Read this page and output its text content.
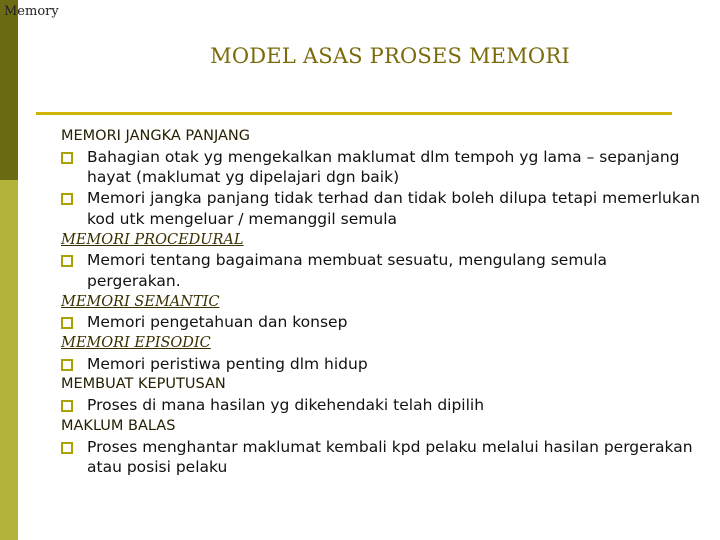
Memory
MODEL ASAS PROSES MEMORI
MEMORI JANGKA PANJANG
Bahagian otak yg mengekalkan maklumat dlm tempoh yg lama – sepanjang hayat (maklumat yg dipelajari dgn baik)
Memori jangka panjang tidak terhad dan tidak boleh dilupa tetapi memerlukan kod utk mengeluar / memanggil semula
MEMORI PROCEDURAL
Memori tentang bagaimana membuat sesuatu, mengulang semula pergerakan.
MEMORI SEMANTIC
Memori pengetahuan dan konsep
MEMORI EPISODIC
Memori peristiwa penting dlm hidup
MEMBUAT KEPUTUSAN
Proses di mana hasilan yg dikehendaki telah dipilih
MAKLUM BALAS
Proses menghantar maklumat kembali kpd pelaku melalui hasilan pergerakan atau posisi pelaku
